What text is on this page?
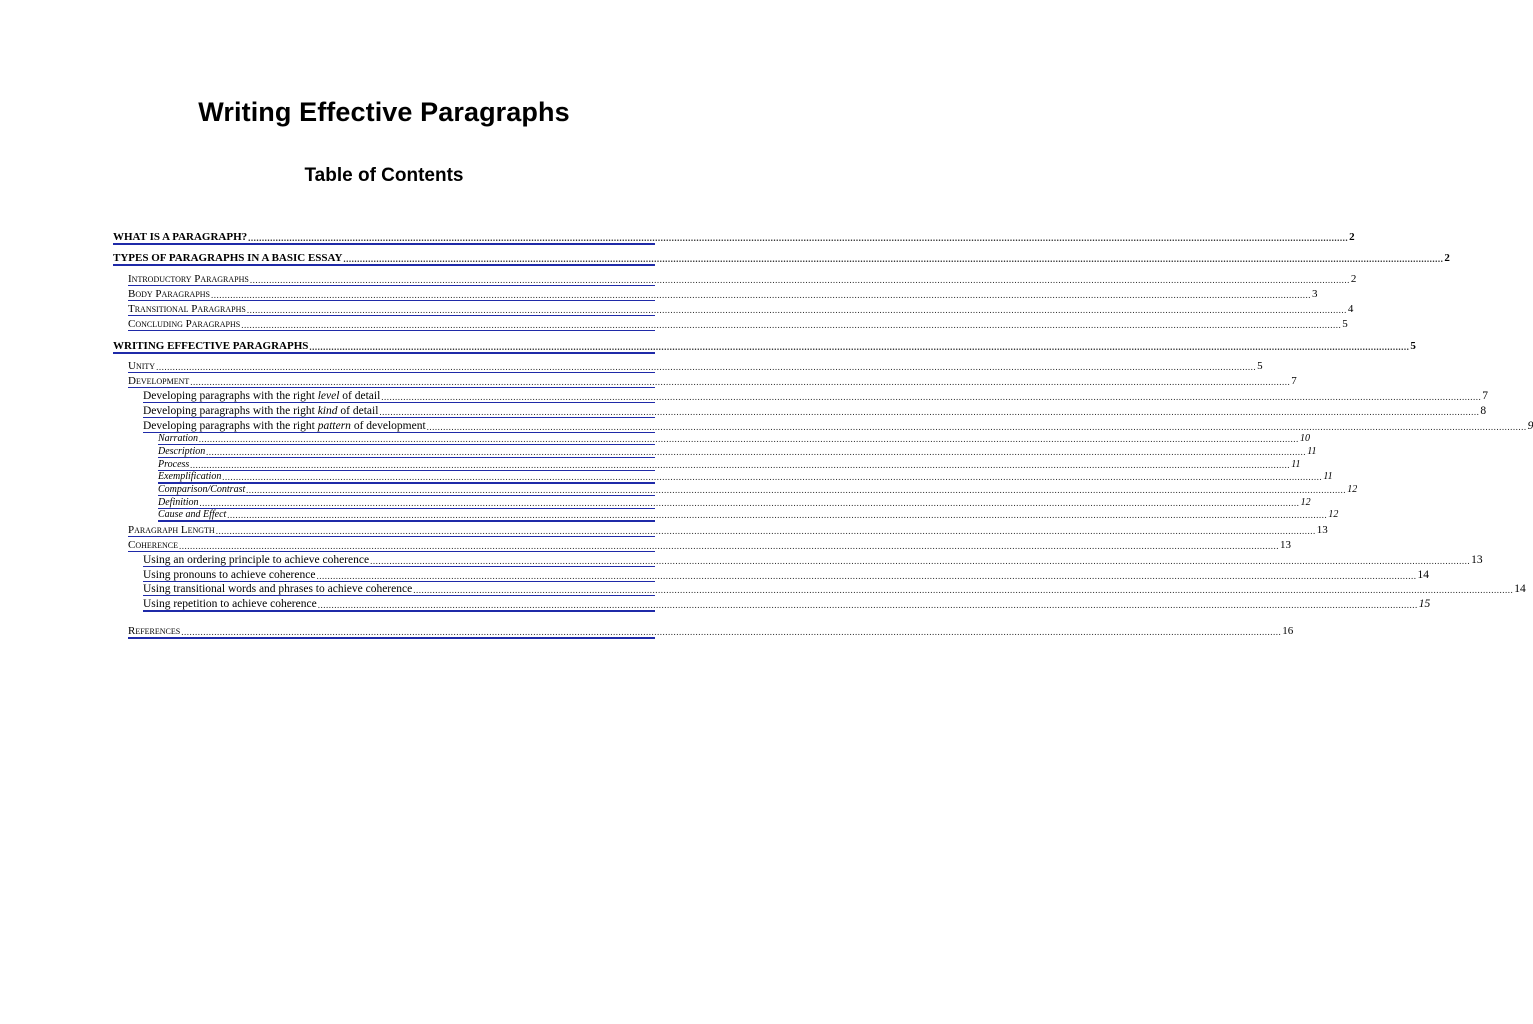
Writing Effective Paragraphs
Table of Contents
WHAT IS A PARAGRAPH? ................................................................................................................................................................................................................................................................................................................................................................................................................ 2
TYPES OF PARAGRAPHS IN A BASIC ESSAY ................................................................................................................................................................................................................................................................................................................................................................................................................ 2
Introductory Paragraphs ................................................................................................................................................................................................................................................................................................................................................................................................................ 2
Body Paragraphs ................................................................................................................................................................................................................................................................................................................................................................................................................ 3
Transitional Paragraphs ................................................................................................................................................................................................................................................................................................................................................................................................................ 4
Concluding Paragraphs ................................................................................................................................................................................................................................................................................................................................................................................................................ 5
WRITING EFFECTIVE PARAGRAPHS ................................................................................................................................................................................................................................................................................................................................................................................................................ 5
Unity ................................................................................................................................................................................................................................................................................................................................................................................................................ 5
Development ................................................................................................................................................................................................................................................................................................................................................................................................................ 7
Developing paragraphs with the right level of detail ................................................................................................................................................................................................................................................................................................................................................................................................................ 7
Developing paragraphs with the right kind of detail ................................................................................................................................................................................................................................................................................................................................................................................................................ 8
Developing paragraphs with the right pattern of development ................................................................................................................................................................................................................................................................................................................................................................................................................ 9
Narration ................................................................................................................................................................................................................................................................................................................................................................................................................ 10
Description ................................................................................................................................................................................................................................................................................................................................................................................................................ 11
Process ................................................................................................................................................................................................................................................................................................................................................................................................................ 11
Exemplification ................................................................................................................................................................................................................................................................................................................................................................................................................ 11
Comparison/Contrast ................................................................................................................................................................................................................................................................................................................................................................................................................ 12
Definition ................................................................................................................................................................................................................................................................................................................................................................................................................ 12
Cause and Effect ................................................................................................................................................................................................................................................................................................................................................................................................................ 12
Paragraph Length ................................................................................................................................................................................................................................................................................................................................................................................................................ 13
Coherence ................................................................................................................................................................................................................................................................................................................................................................................................................ 13
Using an ordering principle to achieve coherence ................................................................................................................................................................................................................................................................................................................................................................................................................ 13
Using pronouns to achieve coherence ................................................................................................................................................................................................................................................................................................................................................................................................................ 14
Using transitional words and phrases to achieve coherence ................................................................................................................................................................................................................................................................................................................................................................................................................ 14
Using repetition to achieve coherence ................................................................................................................................................................................................................................................................................................................................................................................................................ 15
References ................................................................................................................................................................................................................................................................................................................................................................................................................ 16
